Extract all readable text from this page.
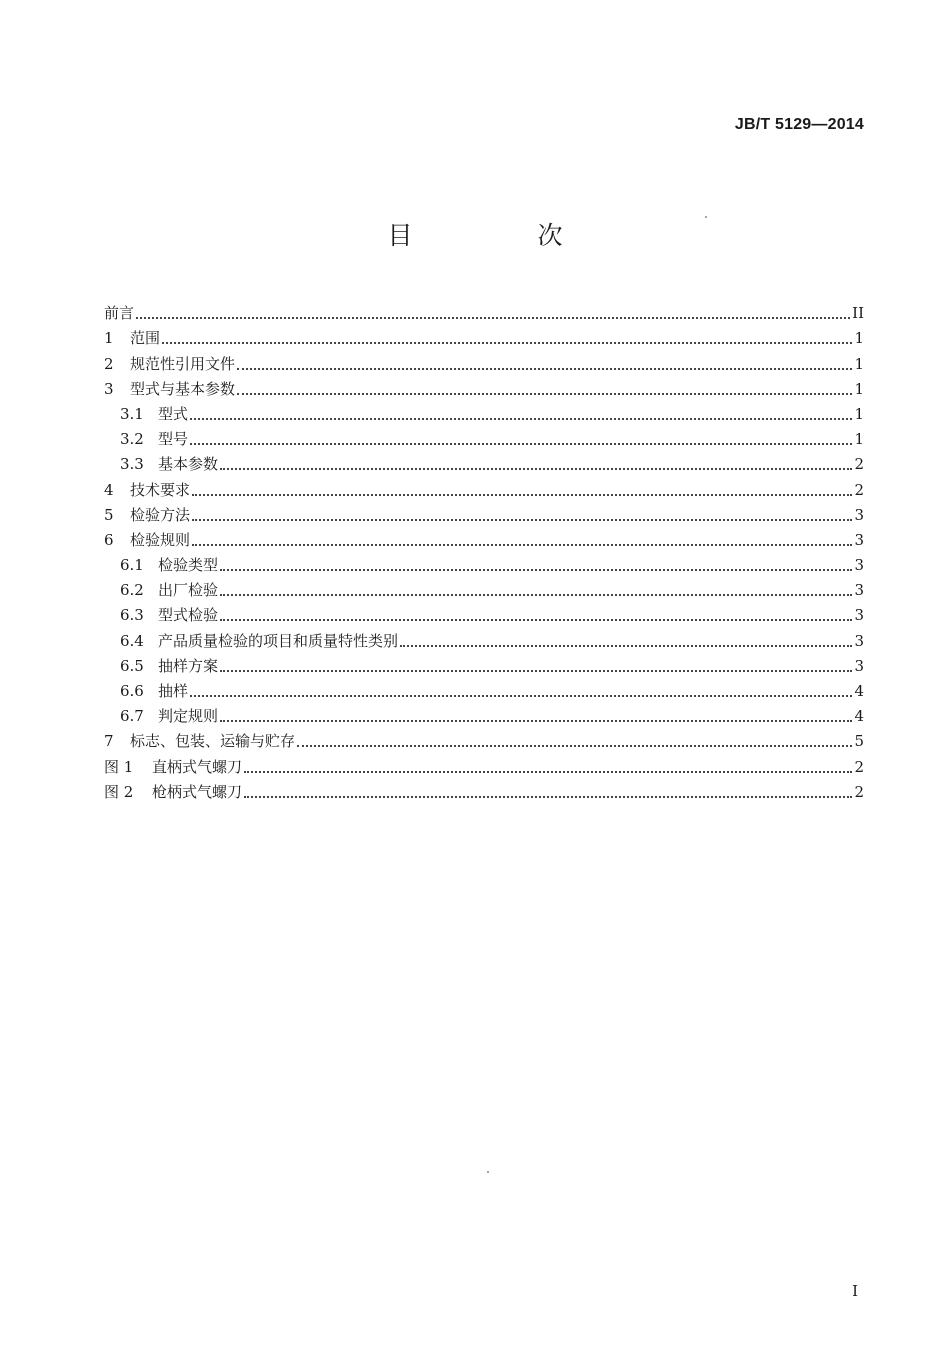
JB/T 5129—2014
目　次
前言	II
1	范围	1
2	规范性引用文件	1
3	型式与基本参数	1
3.1 型式	1
3.2 型号	1
3.3 基本参数	2
4	技术要求	2
5	检验方法	3
6	检验规则	3
6.1 检验类型	3
6.2 出厂检验	3
6.3 型式检验	3
6.4 产品质量检验的项目和质量特性类别	3
6.5 抽样方案	3
6.6 抽样	4
6.7 判定规则	4
7	标志、包装、运输与贮存	5
图 1	直柄式气螺刀	2
图 2	枪柄式气螺刀	2
I
